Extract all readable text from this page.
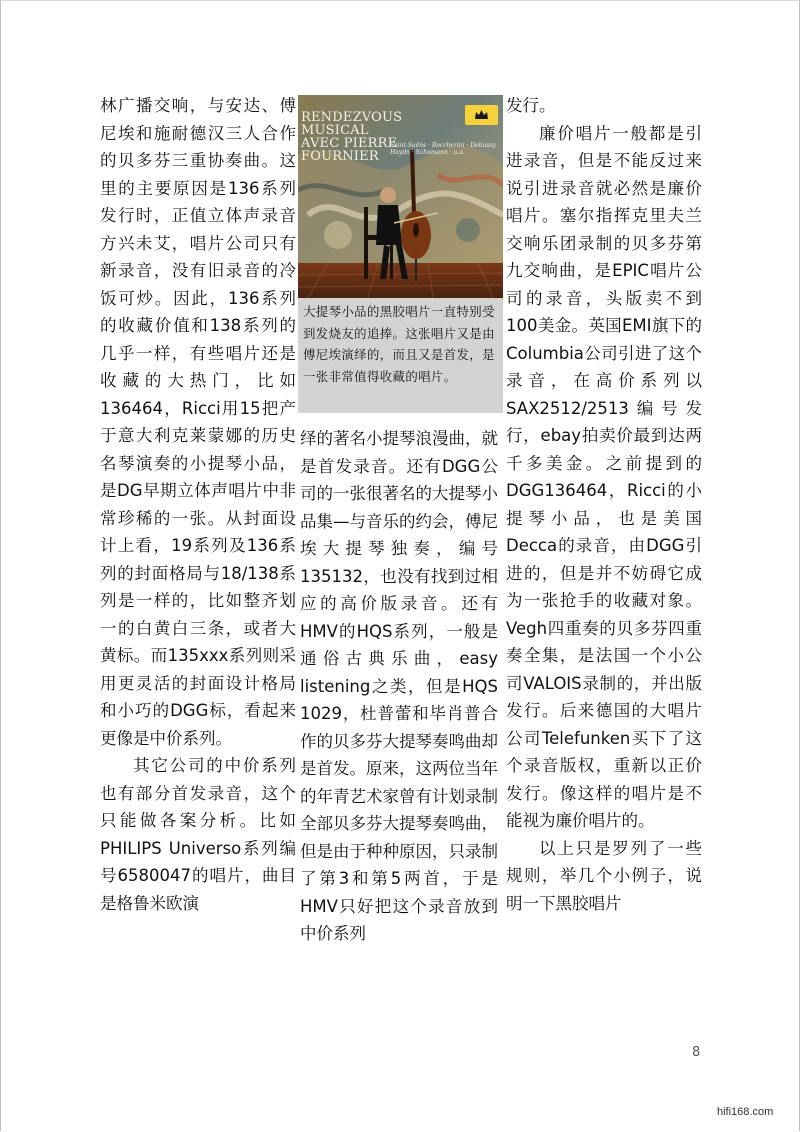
林广播交响，与安达、傅尼埃和施耐德汉三人合作的贝多芬三重协奏曲。这里的主要原因是136系列发行时，正值立体声录音方兴未艾，唱片公司只有新录音，没有旧录音的冷饭可炒。因此，136系列的收藏价值和138系列的几乎一样，有些唱片还是收藏的大热门，比如136464，Ricci用15把产于意大利克莱蒙娜的历史名琴演奏的小提琴小品，是DG早期立体声唱片中非常珍稀的一张。从封面设计上看，19系列及136系列的封面格局与18/138系列是一样的，比如整齐划一的白黄白三条，或者大黄标。而135xxx系列则采用更灵活的封面设计格局和小巧的DGG标，看起来更像是中价系列。

其它公司的中价系列也有部分首发录音，这个只能做各案分析。比如PHILIPS Universo系列编号6580047的唱片，曲目是格鲁米欧演

RENDEZVOUS MUSICAL
AVEC PIERRE FOURNIER
Saint-Saëns · Boccherini · Debussy
Haydn · Schumann · u.a.
大提琴小品的黑胶唱片一直特别受到发烧友的追捧。这张唱片又是由傅尼埃演绎的，而且又是首发，是一张非常值得收藏的唱片。

绎的著名小提琴浪漫曲，就是首发录音。还有DGG公司的一张很著名的大提琴小品集—与音乐的约会，傅尼埃大提琴独奏，编号135132，也没有找到过相应的高价版录音。还有HMV的HQS系列，一般是通俗古典乐曲，easy listening之类，但是HQS 1029，杜普蕾和毕肖普合作的贝多芬大提琴奏鸣曲却是首发。原来，这两位当年的年青艺术家曾有计划录制全部贝多芬大提琴奏鸣曲，但是由于种种原因，只录制了第3和第5两首，于是HMV只好把这个录音放到中价系列

发行。

廉价唱片一般都是引进录音，但是不能反过来说引进录音就必然是廉价唱片。塞尔指挥克里夫兰交响乐团录制的贝多芬第九交响曲，是EPIC唱片公司的录音，头版卖不到100美金。英国EMI旗下的Columbia公司引进了这个录音，在高价系列以SAX2512/2513编号发行，ebay拍卖价最到达两千多美金。之前提到的 DGG136464，Ricci的小提琴小品，也是美国Decca的录音，由DGG引进的，但是并不妨碍它成为一张抢手的收藏对象。Vegh四重奏的贝多芬四重奏全集，是法国一个小公司VALOIS录制的，并出版发行。后来德国的大唱片公司Telefunken买下了这个录音版权，重新以正价发行。像这样的唱片是不能视为廉价唱片的。

以上只是罗列了一些规则，举几个小例子，说明一下黑胶唱片

8
hifi168.com
